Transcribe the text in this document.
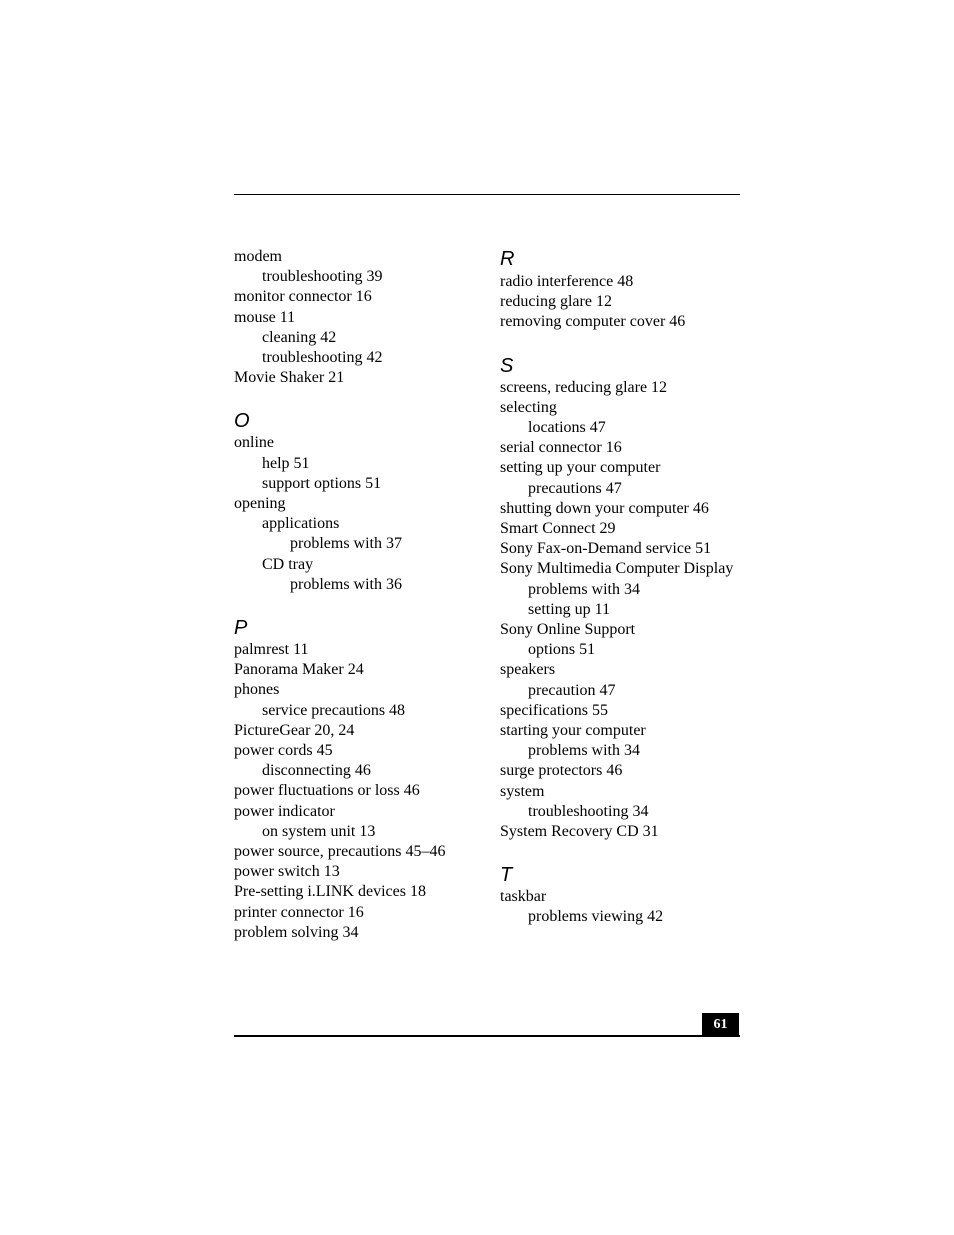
modem
troubleshooting 39
monitor connector 16
mouse 11
cleaning 42
troubleshooting 42
Movie Shaker 21
O
online
help 51
support options 51
opening
applications
problems with 37
CD tray
problems with 36
P
palmrest 11
Panorama Maker 24
phones
service precautions 48
PictureGear 20, 24
power cords 45
disconnecting 46
power fluctuations or loss 46
power indicator
on system unit 13
power source, precautions 45–46
power switch 13
Pre-setting i.LINK devices 18
printer connector 16
problem solving 34
R
radio interference 48
reducing glare 12
removing computer cover 46
S
screens, reducing glare 12
selecting
locations 47
serial connector 16
setting up your computer
precautions 47
shutting down your computer 46
Smart Connect 29
Sony Fax-on-Demand service 51
Sony Multimedia Computer Display
problems with 34
setting up 11
Sony Online Support
options 51
speakers
precaution 47
specifications 55
starting your computer
problems with 34
surge protectors 46
system
troubleshooting 34
System Recovery CD 31
T
taskbar
problems viewing 42
61
